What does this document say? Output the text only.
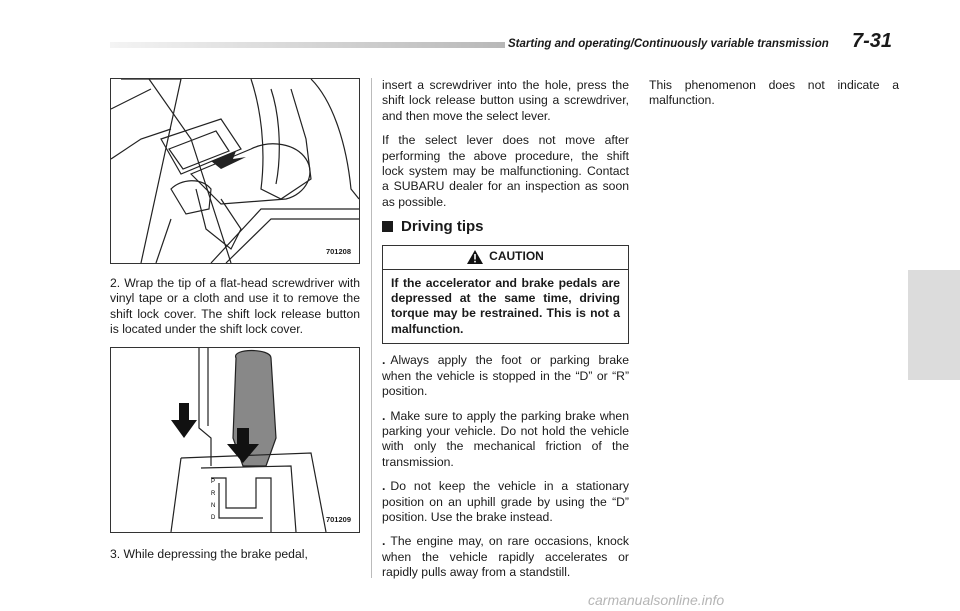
Starting and operating/Continuously variable transmission 7-31
701208

2. Wrap the tip of a flat-head screwdriver with vinyl tape or a cloth and use it to remove the shift lock cover. The shift lock release button is located under the shift lock cover.

P
R
N
D	701209

3. While depressing the brake pedal,

insert a screwdriver into the hole, press the shift lock release button using a screwdriver, and then move the select lever.

If the select lever does not move after performing the above procedure, the shift lock system may be malfunctioning. Contact a SUBARU dealer for an inspection as soon as possible.

Driving tips
CAUTION
If the accelerator and brake pedals are depressed at the same time, driving torque may be restrained. This is not a malfunction.

. Always apply the foot or parking brake when the vehicle is stopped in the “D” or “R” position.

. Make sure to apply the parking brake when parking your vehicle. Do not hold the vehicle with only the mechanical friction of the transmission.

. Do not keep the vehicle in a stationary position on an uphill grade by using the “D” position. Use the brake instead.

. The engine may, on rare occasions, knock when the vehicle rapidly accelerates or rapidly pulls away from a standstill.

This phenomenon does not indicate a malfunction.

carmanualsonline.info
